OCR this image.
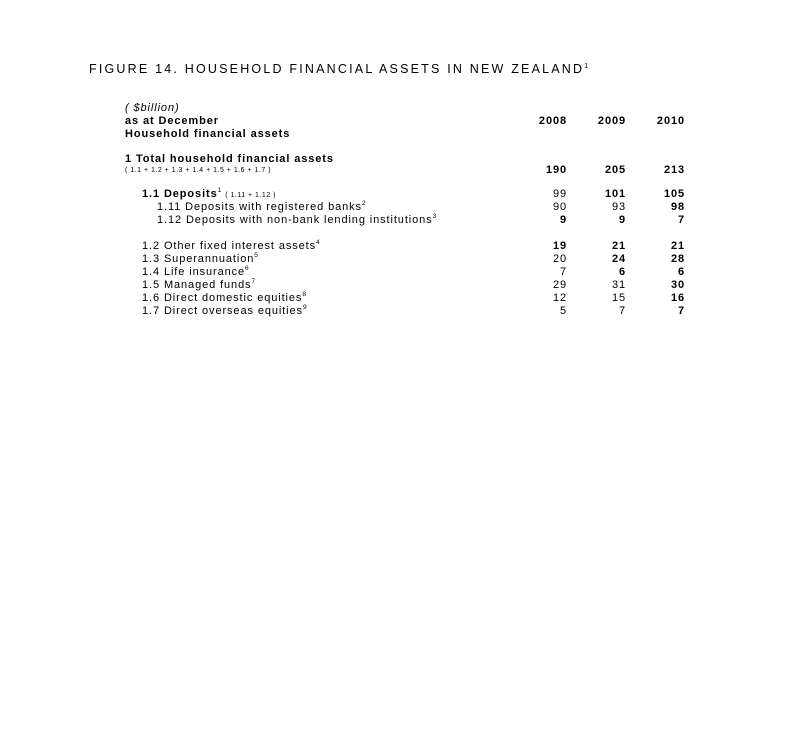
FIGURE 14. HOUSEHOLD FINANCIAL ASSETS IN NEW ZEALAND$^1$
( $billion)
as at December	2008	2009	2010
Household financial assets
1 Total household financial assets
( 1.1 + 1.2 + 1.3 + 1.4 + 1.5 + 1.6 + 1.7 )	190	205	213
1.1 Deposits$^1$ ( 1.11 + 1.12 )	99	101	105
1.11 Deposits with registered banks$^2$	90	93	98
1.12 Deposits with non-bank lending institutions$^3$	9	9	7
1.2 Other fixed interest assets$^4$	19	21	21
1.3 Superannuation$^5$	20	24	28
1.4 Life insurance$^6$	7	6	6
1.5 Managed funds$^7$	29	31	30
1.6 Direct domestic equities$^8$	12	15	16
1.7 Direct overseas equities$^9$	5	7	7
